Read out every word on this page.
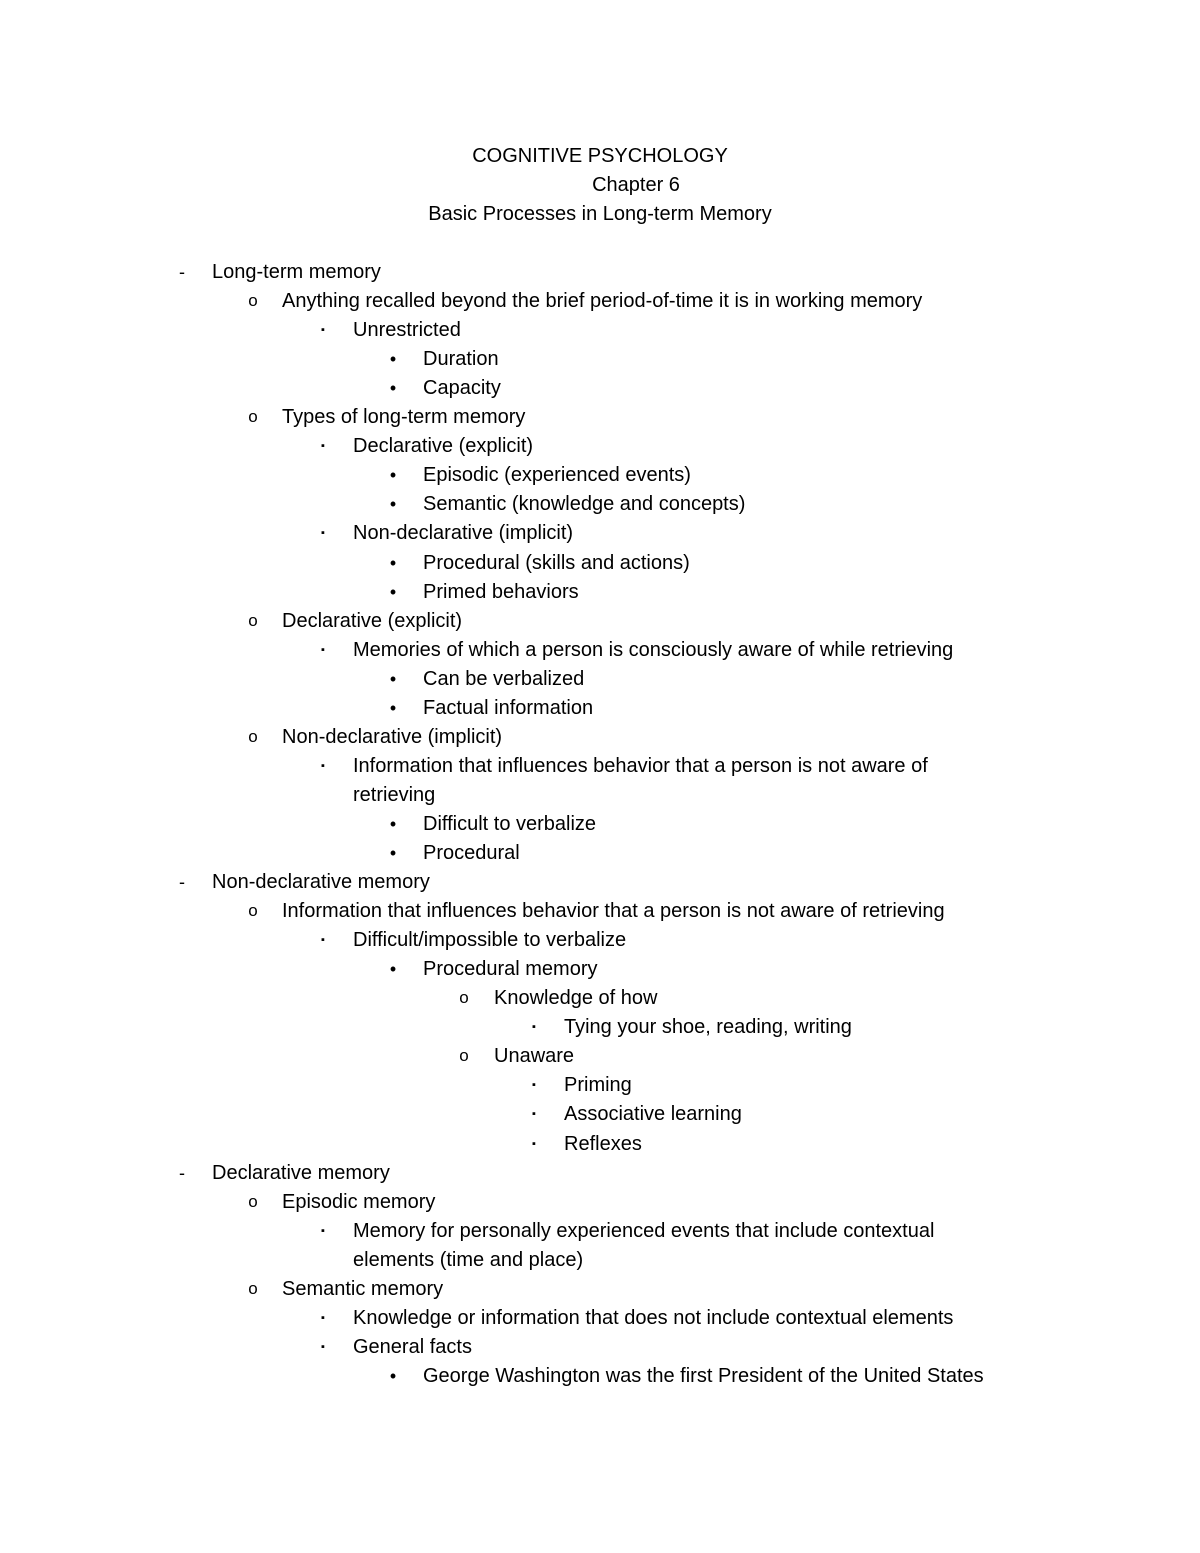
COGNITIVE PSYCHOLOGY
Chapter 6
Basic Processes in Long-term Memory
-	Long-term memory
o Anything recalled beyond the brief period-of-time it is in working memory
▪	Unrestricted
•	Duration
•	Capacity
o Types of long-term memory
▪	Declarative (explicit)
•	Episodic (experienced events)
•	Semantic (knowledge and concepts)
▪	Non-declarative (implicit)
•	Procedural (skills and actions)
•	Primed behaviors
o Declarative (explicit)
▪	Memories of which a person is consciously aware of while retrieving
•	Can be verbalized
•	Factual information
o Non-declarative (implicit)
▪	Information that influences behavior that a person is not aware of
retrieving
•	Difficult to verbalize
•	Procedural
-	Non-declarative memory
o Information that influences behavior that a person is not aware of retrieving
▪	Difficult/impossible to verbalize
•	Procedural memory
o Knowledge of how
▪	Tying your shoe, reading, writing
o Unaware
▪	Priming
▪	Associative learning
▪	Reflexes
-	Declarative memory
o Episodic memory
▪	Memory for personally experienced events that include contextual
elements (time and place)
o Semantic memory
▪	Knowledge or information that does not include contextual elements
▪	General facts
•	George Washington was the first President of the United States
